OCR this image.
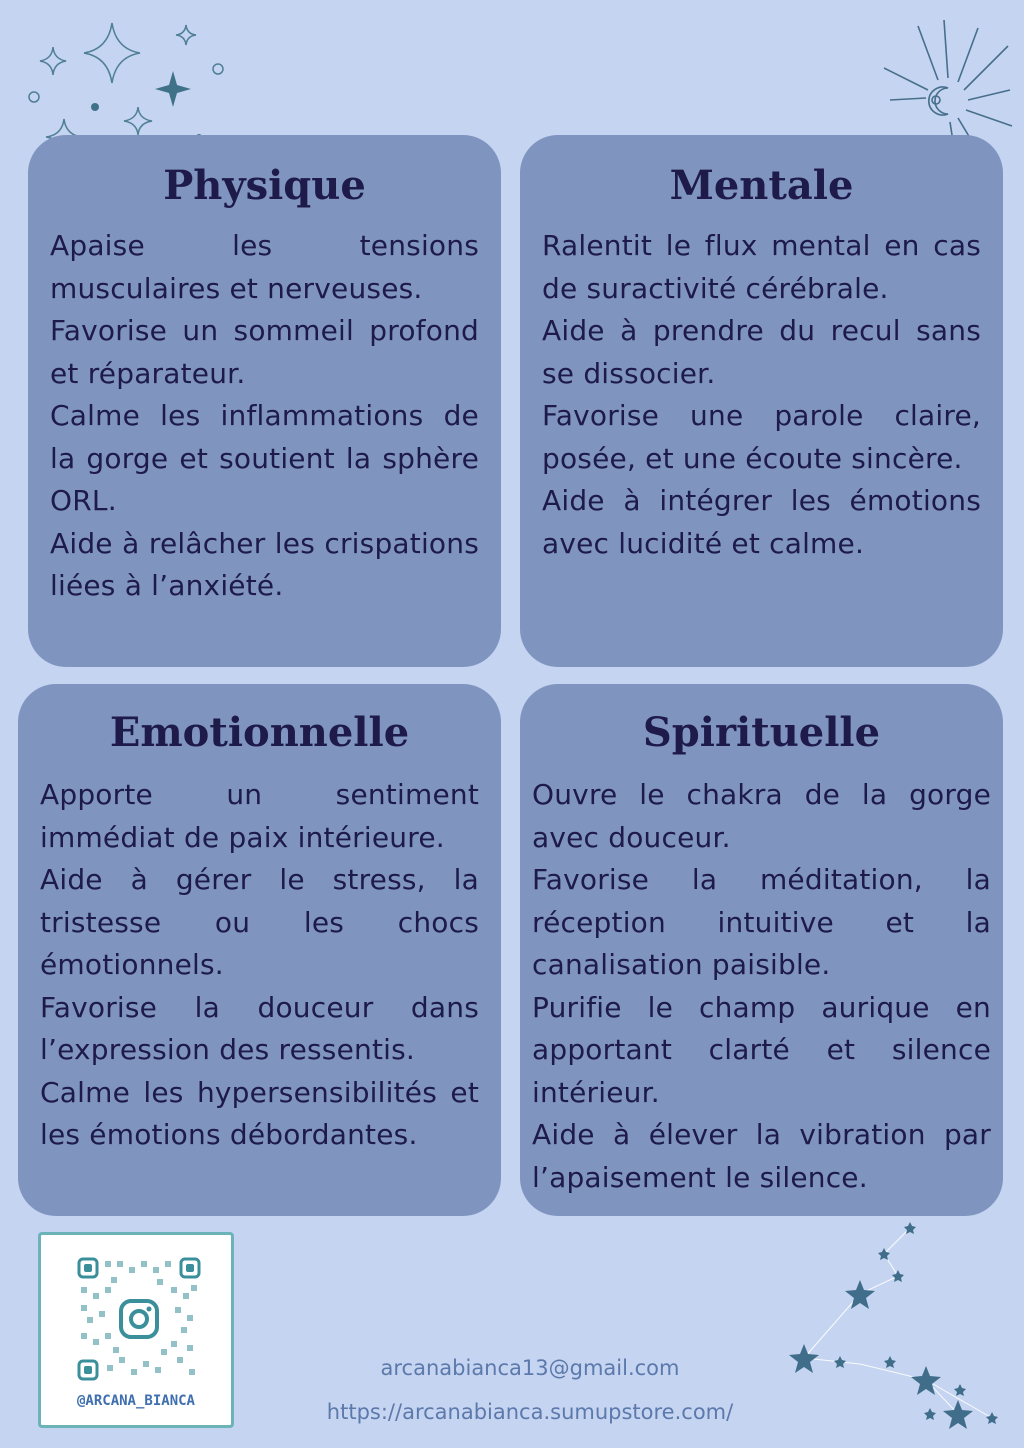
Physique

Apaise les tensions musculaires et nerveuses.

Favorise un sommeil profond et réparateur.

Calme les inflammations de la gorge et soutient la sphère ORL.

Aide à relâcher les crispations liées à l’anxiété.

Mentale

Ralentit le flux mental en cas de suractivité cérébrale.

Aide à prendre du recul sans se dissocier.

Favorise une parole claire, posée, et une écoute sincère.

Aide à intégrer les émotions avec lucidité et calme.

Emotionnelle

Apporte un sentiment immédiat de paix intérieure.

Aide à gérer le stress, la tristesse ou les chocs émotionnels.

Favorise la douceur dans l’expression des ressentis.

Calme les hypersensibilités et les émotions débordantes.

Spirituelle

Ouvre le chakra de la gorge avec douceur.

Favorise la méditation, la réception intuitive et la canalisation paisible.

Purifie le champ aurique en apportant clarté et silence intérieur.

Aide à élever la vibration par l’apaisement le silence.

@ARCANA_BIANCA
arcanabianca13@gmail.com
https://arcanabianca.sumupstore.com/
